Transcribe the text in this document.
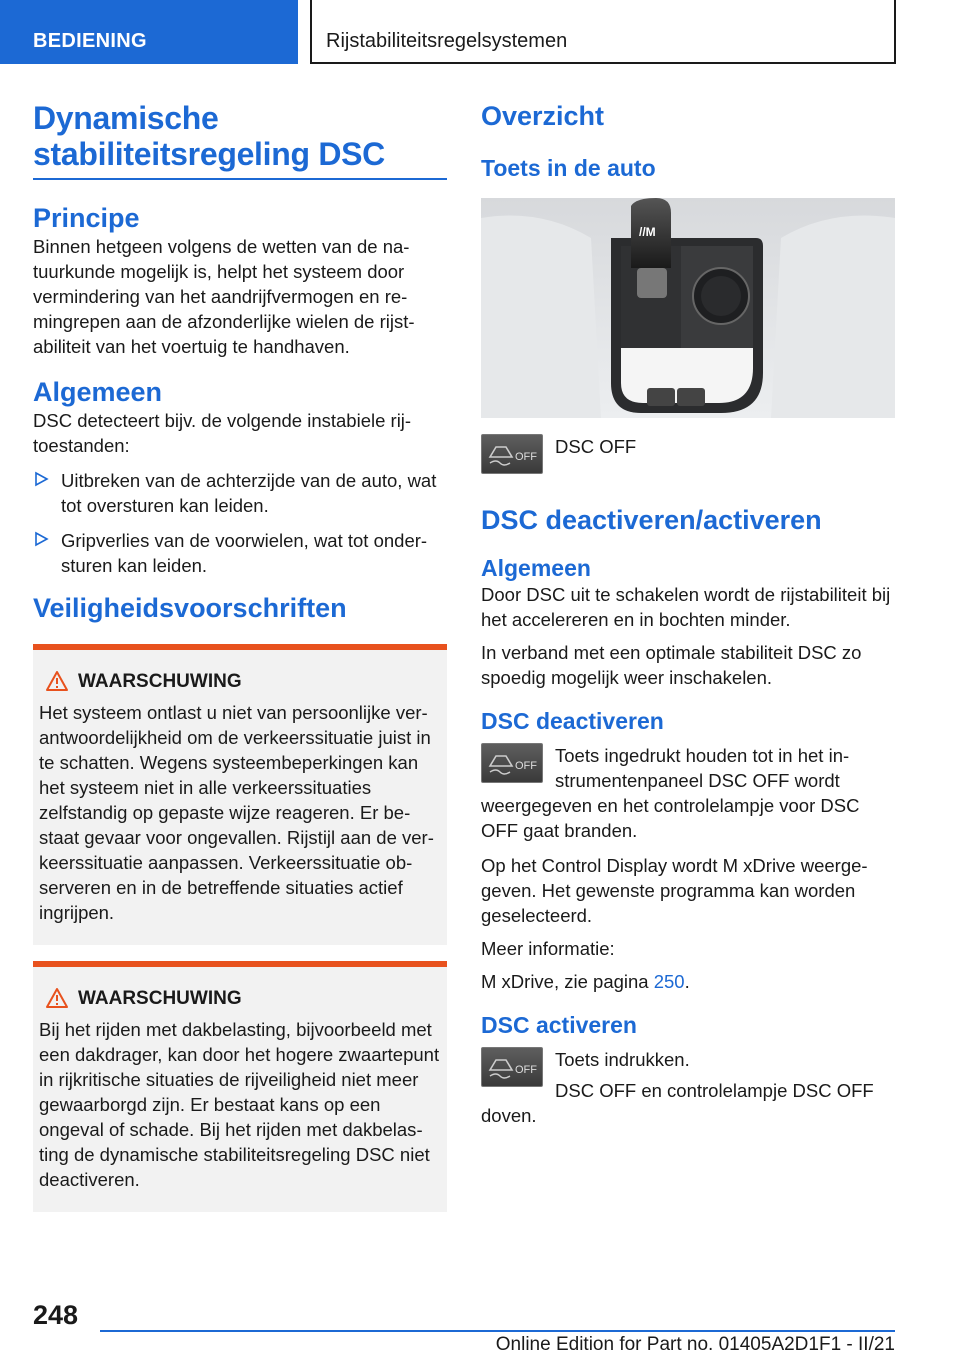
BEDIENING	Rijstabiliteitsregelsystemen
Dynamische
stabiliteitsregeling DSC
Principe

Binnen hetgeen volgens de wetten van de natuurkunde mogelijk is, helpt het systeem door vermindering van het aandrijfvermogen en remingrepen aan de afzonderlijke wielen de rijstabiliteit van het voertuig te handhaven.

Algemeen

DSC detecteert bijv. de volgende instabiele rijtoestanden:

Uitbreken van de achterzijde van de auto, wat tot oversturen kan leiden.
Gripverlies van de voorwielen, wat tot ondersturen kan leiden.
Veiligheidsvoorschriften
WAARSCHUWING

Het systeem ontlast u niet van persoonlijke verantwoordelijkheid om de verkeerssituatie juist in te schatten. Wegens systeembeperkingen kan het systeem niet in alle verkeerssituaties zelfstandig op gepaste wijze reageren. Er bestaat gevaar voor ongevallen. Rijstijl aan de verkeerssituatie aanpassen. Verkeerssituatie observeren en in de betreffende situaties actief ingrijpen.

WAARSCHUWING

Bij het rijden met dakbelasting, bijvoorbeeld met een dakdrager, kan door het hogere zwaartepunt in rijkritische situaties de rijveiligheid niet meer gewaarborgd zijn. Er bestaat kans op een ongeval of schade. Bij het rijden met dakbelasting de dynamische stabiliteitsregeling DSC niet deactiveren.

Overzicht
Toets in de auto
//M
OFF DSC OFF

DSC deactiveren/activeren
Algemeen

Door DSC uit te schakelen wordt de rijstabiliteit bij het accelereren en in bochten minder.

In verband met een optimale stabiliteit DSC zo spoedig mogelijk weer inschakelen.

DSC deactiveren
OFF Toets ingedrukt houden tot in het instrumentenpaneel DSC OFF wordt weergegeven en het controlelampje voor DSC OFF gaat branden.

Op het Control Display wordt M xDrive weergegeven. Het gewenste programma kan worden geselecteerd.

Meer informatie:

M xDrive, zie pagina 250.

DSC activeren
OFF Toets indrukken.

DSC OFF en controlelampje DSC OFF doven.

248
Online Edition for Part no. 01405A2D1F1 - II/21
